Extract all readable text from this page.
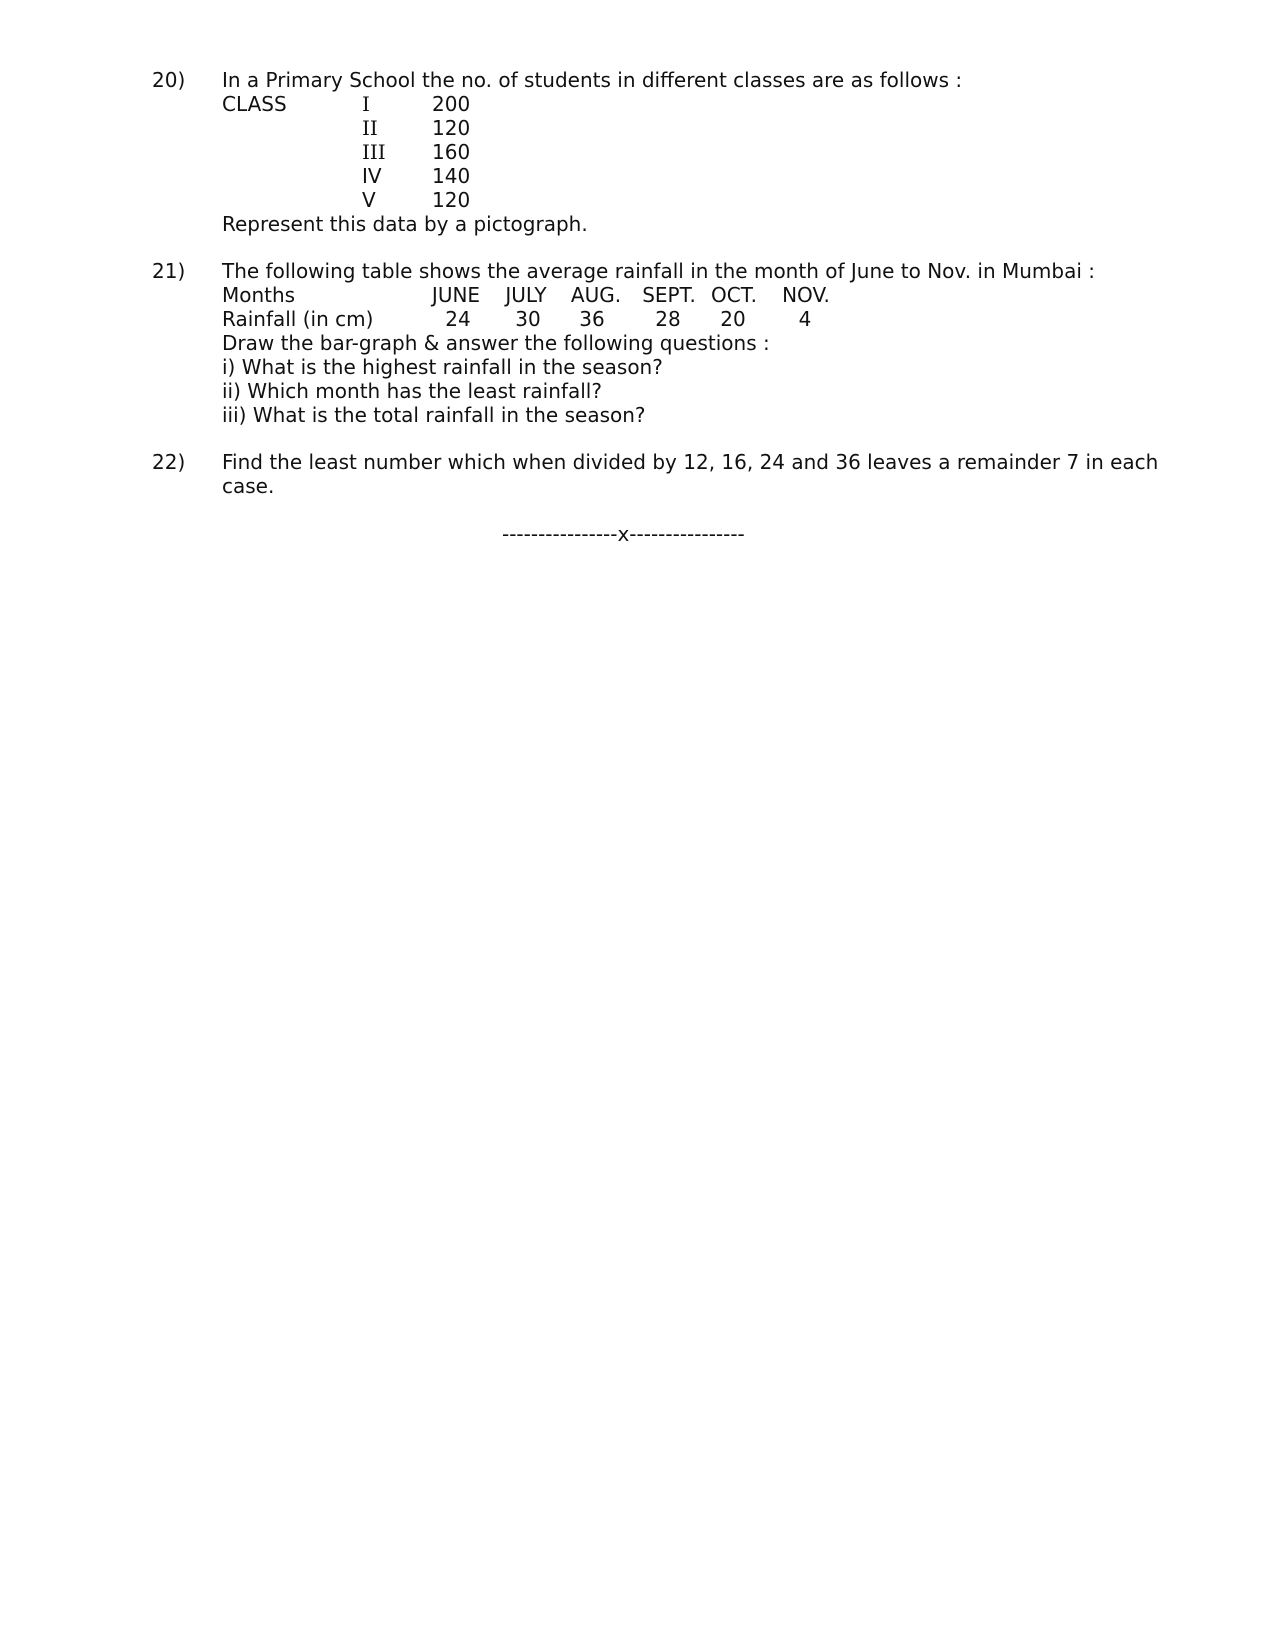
20) In a Primary School the no. of students in different classes are as follows :
CLASS	I	200
II	120
III 160
IV	140
V	120
Represent this data by a pictograph.
21) The following table shows the average rainfall in the month of June to Nov. in Mumbai :
Months	JUNE JULY AUG. SEPT. OCT. NOV.
Rainfall (in cm)	24 30 36	28 20	4
Draw the bar-graph & answer the following questions :
i) What is the highest rainfall in the season?
ii) Which month has the least rainfall?
iii) What is the total rainfall in the season?
22) Find the least number which when divided by 12, 16, 24 and 36 leaves a remainder 7 in each
case.
----------------x----------------
